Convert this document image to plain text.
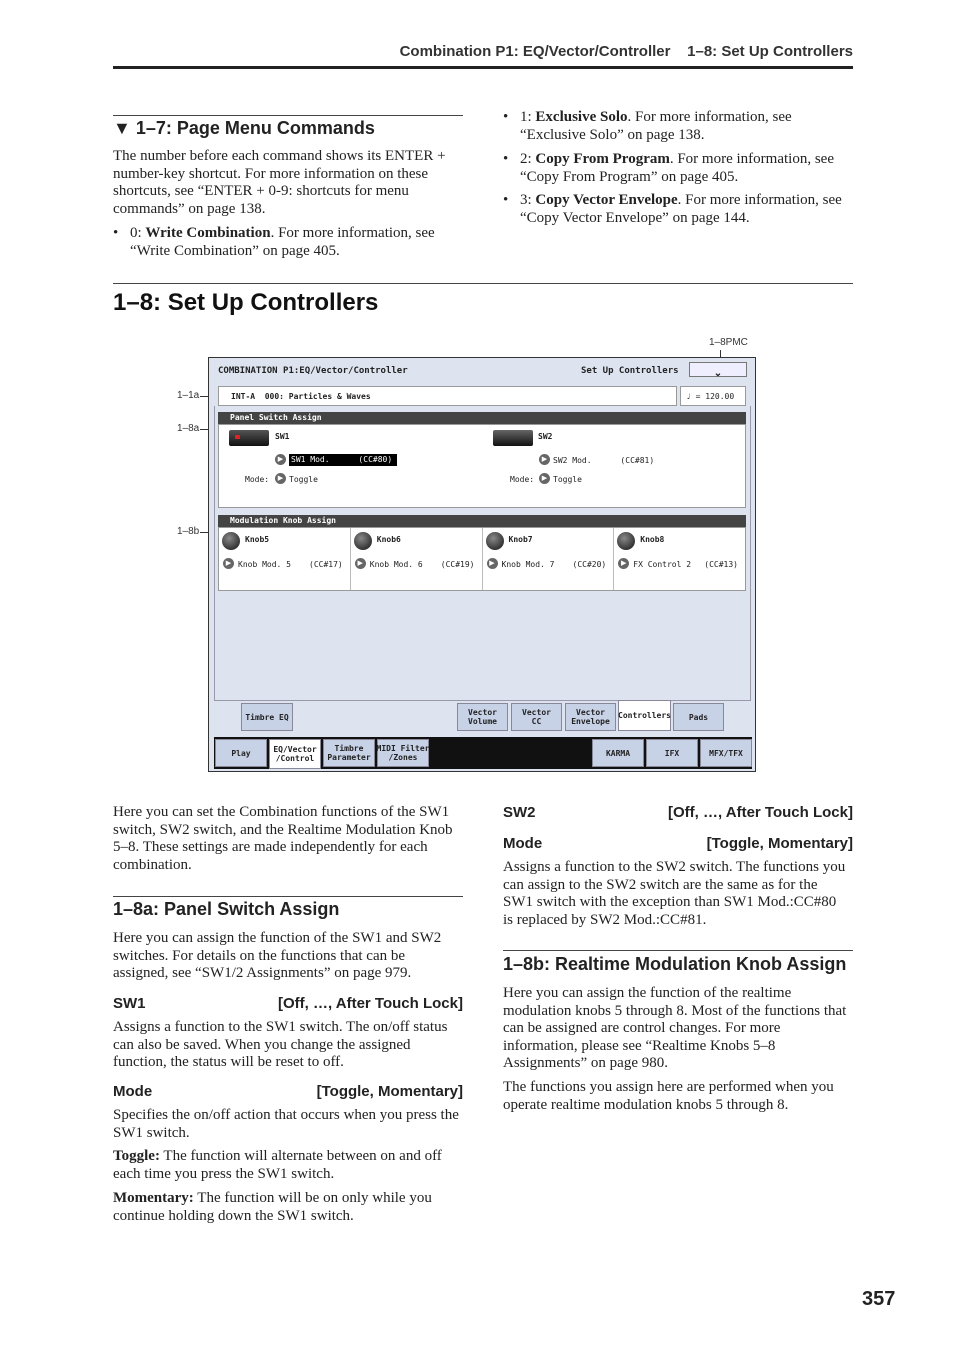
Combination P1: EQ/Vector/Controller    1–8: Set Up Controllers
▼ 1–7: Page Menu Commands
The number before each command shows its ENTER + number-key shortcut. For more information on these shortcuts, see “ENTER + 0-9: shortcuts for menu commands” on page 138.
• 0: Write Combination. For more information, see “Write Combination” on page 405.
• 1: Exclusive Solo. For more information, see “Exclusive Solo” on page 138.
• 2: Copy From Program. For more information, see “Copy From Program” on page 405.
• 3: Copy Vector Envelope. For more information, see “Copy Vector Envelope” on page 144.
1–8: Set Up Controllers
1–8PMC
1–1a
1–8a
1–8b
COMBINATION P1:EQ/Vector/Controller	Set Up Controllers	⌄
INT-A  000: Particles & Waves	♩ = 120.00
Panel Switch Assign
SW1
▶ SW1 Mod.      (CC#80)
Mode:	▶ Toggle
SW2
▶ SW2 Mod.      (CC#81)
Mode:	▶ Toggle
Modulation Knob Assign
Knob5
▶ Knob Mod. 5 (CC#17)
Knob6
▶ Knob Mod. 6 (CC#19)
Knob7
▶ Knob Mod. 7 (CC#20)
Knob8
▶ FX Control 2 (CC#13)
Timbre EQ	Vector
Volume
Vector
CC
Vector
Envelope
Controllers	Pads
Play	EQ/Vector
/Control
Timbre
Parameter
MIDI Filter
/Zones	KARMA	IFX	MFX/TFX
Here you can set the Combination functions of the SW1 switch, SW2 switch, and the Realtime Modulation Knob 5–8. These settings are made independently for each combination.
1–8a: Panel Switch Assign
Here you can assign the function of the SW1 and SW2 switches. For details on the functions that can be assigned, see “SW1/2 Assignments” on page 979.
SW1	[Off, …, After Touch Lock]
Assigns a function to the SW1 switch. The on/off status can also be saved. When you change the assigned function, the status will be reset to off.
Mode	[Toggle, Momentary]
Specifies the on/off action that occurs when you press the SW1 switch.
Toggle: The function will alternate between on and off each time you press the SW1 switch.
Momentary: The function will be on only while you continue holding down the SW1 switch.
SW2	[Off, …, After Touch Lock]
Mode	[Toggle, Momentary]
Assigns a function to the SW2 switch. The functions you can assign to the SW2 switch are the same as for the SW1 switch with the exception than SW1 Mod.:CC#80 is replaced by SW2 Mod.:CC#81.
1–8b: Realtime Modulation Knob Assign
Here you can assign the function of the realtime modulation knobs 5 through 8. Most of the functions that can be assigned are control changes. For more information, please see “Realtime Knobs 5–8 Assignments” on page 980.
The functions you assign here are performed when you operate realtime modulation knobs 5 through 8.
357
